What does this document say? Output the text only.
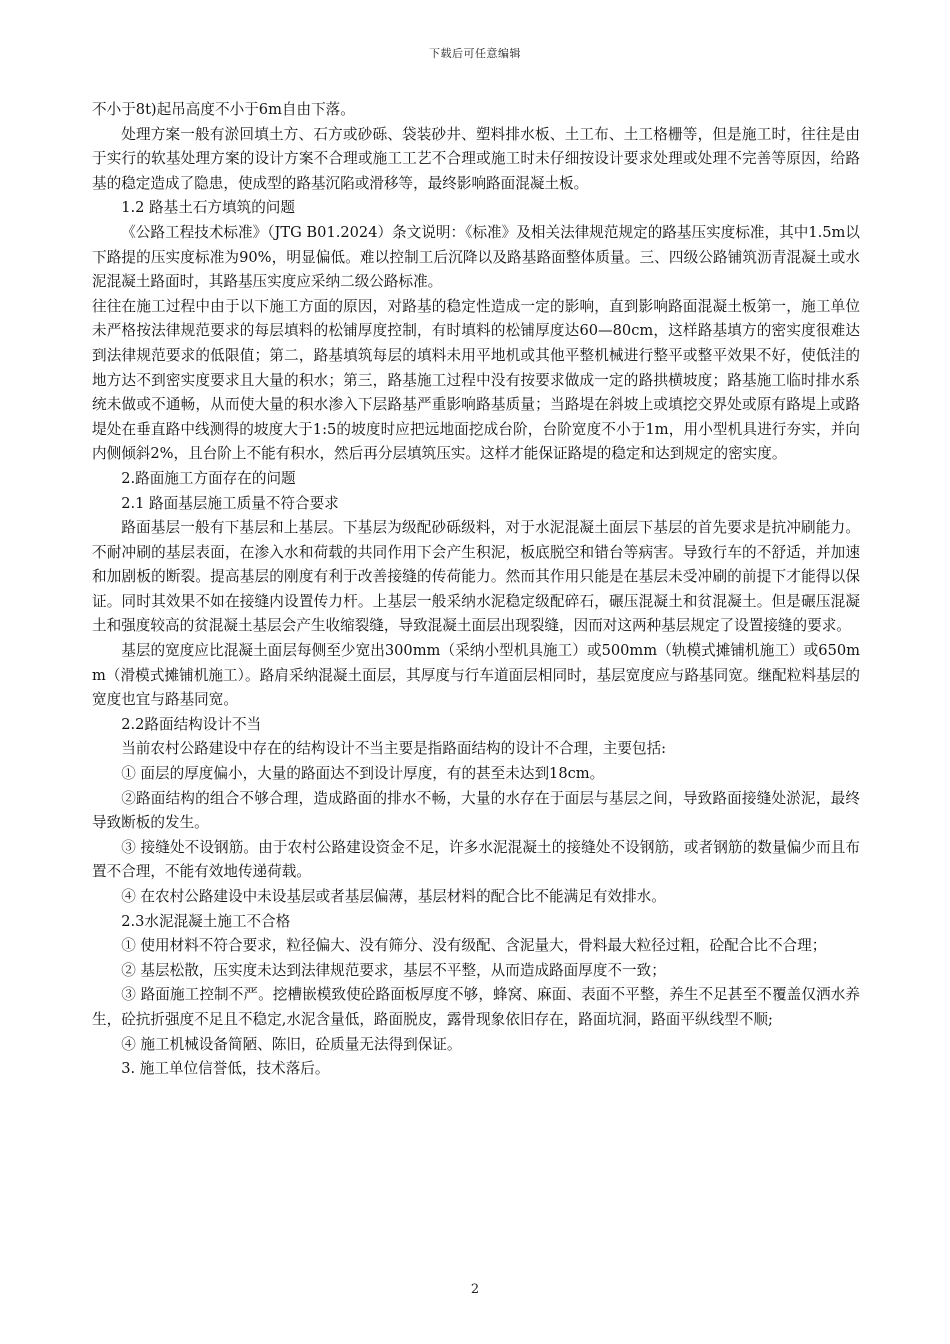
下载后可任意编辑

不小于8t)起吊高度不小于6m自由下落。

处理方案一般有淤回填土方、石方或砂砾、袋装砂井、塑料排水板、土工布、土工格栅等，但是施工时，往往是由于实行的软基处理方案的设计方案不合理或施工工艺不合理或施工时未仔细按设计要求处理或处理不完善等原因，给路基的稳定造成了隐患，使成型的路基沉陷或滑移等，最终影响路面混凝土板。

1.2 路基土石方填筑的问题

《公路工程技术标准》（JTG B01.2024）条文说明：《标准》及相关法律规范规定的路基压实度标准，其中1.5m以下路提的压实度标准为90%，明显偏低。难以控制工后沉降以及路基路面整体质量。三、四级公路铺筑沥青混凝土或水泥混凝土路面时，其路基压实度应采纳二级公路标准。

往往在施工过程中由于以下施工方面的原因，对路基的稳定性造成一定的影响，直到影响路面混凝土板第一，施工单位未严格按法律规范要求的每层填料的松铺厚度控制，有时填料的松铺厚度达60—80cm，这样路基填方的密实度很难达到法律规范要求的低限值；第二，路基填筑每层的填料未用平地机或其他平整机械进行整平或整平效果不好，使低洼的地方达不到密实度要求且大量的积水；第三，路基施工过程中没有按要求做成一定的路拱横坡度；路基施工临时排水系统未做或不通畅，从而使大量的积水渗入下层路基严重影响路基质量；当路堤在斜坡上或填挖交界处或原有路堤上或路堤处在垂直路中线测得的坡度大于1:5的坡度时应把远地面挖成台阶，台阶宽度不小于1m，用小型机具进行夯实，并向内侧倾斜2%，且台阶上不能有积水，然后再分层填筑压实。这样才能保证路堤的稳定和达到规定的密实度。

2.路面施工方面存在的问题

2.1 路面基层施工质量不符合要求

路面基层一般有下基层和上基层。下基层为级配砂砾级料，对于水泥混凝土面层下基层的首先要求是抗冲刷能力。不耐冲刷的基层表面，在渗入水和荷载的共同作用下会产生积泥，板底脱空和错台等病害。导致行车的不舒适，并加速和加剧板的断裂。提高基层的刚度有利于改善接缝的传荷能力。然而其作用只能是在基层未受冲刷的前提下才能得以保证。同时其效果不如在接缝内设置传力杆。上基层一般采纳水泥稳定级配碎石，碾压混凝土和贫混凝土。但是碾压混凝土和强度较高的贫混凝土基层会产生收缩裂缝，导致混凝土面层出现裂缝，因而对这两种基层规定了设置接缝的要求。

基层的宽度应比混凝土面层每侧至少宽出300mm（采纳小型机具施工）或500mm（轨模式摊铺机施工）或650mm（滑模式摊铺机施工）。路肩采纳混凝土面层，其厚度与行车道面层相同时，基层宽度应与路基同宽。继配粒料基层的宽度也宜与路基同宽。

2.2路面结构设计不当

当前农村公路建设中存在的结构设计不当主要是指路面结构的设计不合理，主要包括:

① 面层的厚度偏小，大量的路面达不到设计厚度，有的甚至未达到18cm。

②路面结构的组合不够合理，造成路面的排水不畅，大量的水存在于面层与基层之间，导致路面接缝处淤泥，最终导致断板的发生。

③ 接缝处不设钢筋。由于农村公路建设资金不足，许多水泥混凝土的接缝处不设钢筋，或者钢筋的数量偏少而且布置不合理，不能有效地传递荷载。

④ 在农村公路建设中未设基层或者基层偏薄，基层材料的配合比不能满足有效排水。

2.3水泥混凝土施工不合格

① 使用材料不符合要求，粒径偏大、没有筛分、没有级配、含泥量大，骨料最大粒径过粗，砼配合比不合理；

② 基层松散，压实度未达到法律规范要求，基层不平整，从而造成路面厚度不一致；

③ 路面施工控制不严。挖槽嵌模致使砼路面板厚度不够，蜂窝、麻面、表面不平整，养生不足甚至不覆盖仅洒水养生，砼抗折强度不足且不稳定,水泥含量低，路面脱皮，露骨现象依旧存在，路面坑洞，路面平纵线型不顺;

④ 施工机械设备简陋、陈旧，砼质量无法得到保证。

3. 施工单位信誉低，技术落后。

2
